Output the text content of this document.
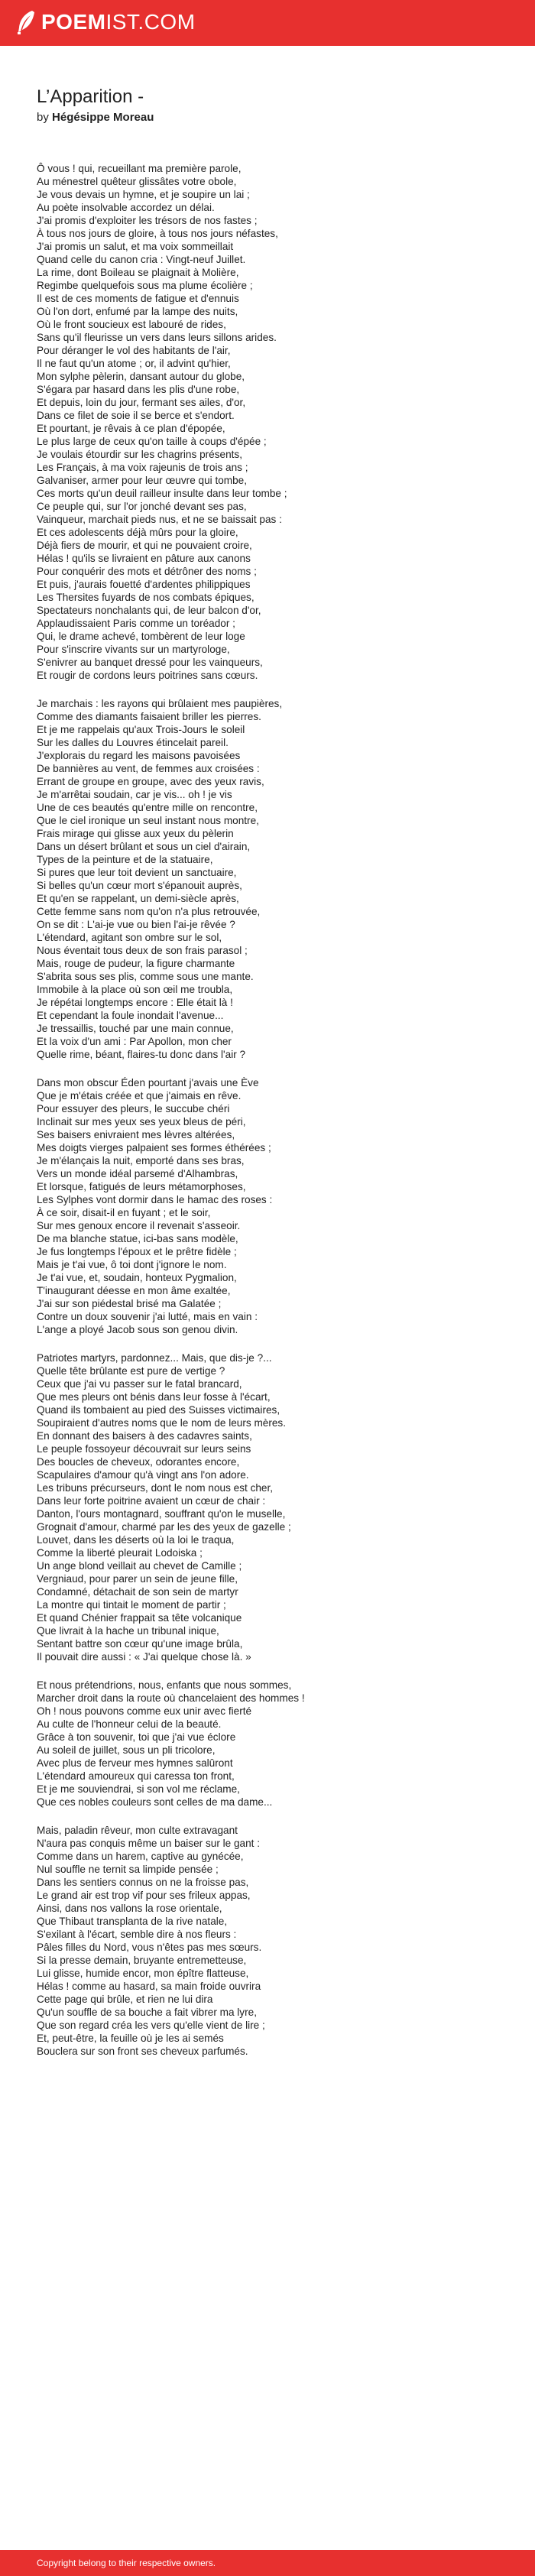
POEMIST.COM
L’Apparition -
by Hégésippe Moreau
Ô vous ! qui, recueillant ma première parole,
Au ménestrel quêteur glissâtes votre obole,
Je vous devais un hymne, et je soupire un lai ;
Au poète insolvable accordez un délai.
J'ai promis d'exploiter les trésors de nos fastes ;
À tous nos jours de gloire, à tous nos jours néfastes,
J'ai promis un salut, et ma voix sommeillait
Quand celle du canon cria : Vingt-neuf Juillet.
La rime, dont Boileau se plaignait à Molière,
Regimbe quelquefois sous ma plume écolière ;
Il est de ces moments de fatigue et d'ennuis
Où l'on dort, enfumé par la lampe des nuits,
Où le front soucieux est labouré de rides,
Sans qu'il fleurisse un vers dans leurs sillons arides.
Pour déranger le vol des habitants de l'air,
Il ne faut qu'un atome ; or, il advint qu'hier,
Mon sylphe pèlerin, dansant autour du globe,
S'égara par hasard dans les plis d'une robe,
Et depuis, loin du jour, fermant ses ailes, d'or,
Dans ce filet de soie il se berce et s'endort.
Et pourtant, je rêvais à ce plan d'épopée,
Le plus large de ceux qu'on taille à coups d'épée ;
Je voulais étourdir sur les chagrins présents,
Les Français, à ma voix rajeunis de trois ans ;
Galvaniser, armer pour leur œuvre qui tombe,
Ces morts qu'un deuil railleur insulte dans leur tombe ;
Ce peuple qui, sur l'or jonché devant ses pas,
Vainqueur, marchait pieds nus, et ne se baissait pas :
Et ces adolescents déjà mûrs pour la gloire,
Déjà fiers de mourir, et qui ne pouvaient croire,
Hélas ! qu'ils se livraient en pâture aux canons
Pour conquérir des mots et détrôner des noms ;
Et puis, j'aurais fouetté d'ardentes philippiques
Les Thersites fuyards de nos combats épiques,
Spectateurs nonchalants qui, de leur balcon d'or,
Applaudissaient Paris comme un toréador ;
Qui, le drame achevé, tombèrent de leur loge
Pour s'inscrire vivants sur un martyrologe,
S'enivrer au banquet dressé pour les vainqueurs,
Et rougir de cordons leurs poitrines sans cœurs.
Je marchais : les rayons qui brûlaient mes paupières,
Comme des diamants faisaient briller les pierres.
Et je me rappelais qu'aux Trois-Jours le soleil
Sur les dalles du Louvres étincelait pareil.
J'explorais du regard les maisons pavoisées
De bannières au vent, de femmes aux croisées :
Errant de groupe en groupe, avec des yeux ravis,
Je m'arrêtai soudain, car je vis... oh ! je vis
Une de ces beautés qu'entre mille on rencontre,
Que le ciel ironique un seul instant nous montre,
Frais mirage qui glisse aux yeux du pèlerin
Dans un désert brûlant et sous un ciel d'airain,
Types de la peinture et de la statuaire,
Si pures que leur toit devient un sanctuaire,
Si belles qu'un cœur mort s'épanouit auprès,
Et qu'en se rappelant, un demi-siècle après,
Cette femme sans nom qu'on n'a plus retrouvée,
On se dit : L'ai-je vue ou bien l'ai-je rêvée ?
L'étendard, agitant son ombre sur le sol,
Nous éventait tous deux de son frais parasol ;
Mais, rouge de pudeur, la figure charmante
S'abrita sous ses plis, comme sous une mante.
Immobile à la place où son œil me troubla,
Je répétai longtemps encore : Elle était là !
Et cependant la foule inondait l'avenue...
Je tressaillis, touché par une main connue,
Et la voix d'un ami : Par Apollon, mon cher
Quelle rime, béant, flaires-tu donc dans l'air ?
Dans mon obscur Éden pourtant j'avais une Ève
Que je m'étais créée et que j'aimais en rêve.
Pour essuyer des pleurs, le succube chéri
Inclinait sur mes yeux ses yeux bleus de péri,
Ses baisers enivraient mes lèvres altérées,
Mes doigts vierges palpaient ses formes éthérées ;
Je m'élançais la nuit, emporté dans ses bras,
Vers un monde idéal parsemé d'Alhambras,
Et lorsque, fatigués de leurs métamorphoses,
Les Sylphes vont dormir dans le hamac des roses :
À ce soir, disait-il en fuyant ; et le soir,
Sur mes genoux encore il revenait s'asseoir.
De ma blanche statue, ici-bas sans modèle,
Je fus longtemps l'époux et le prêtre fidèle ;
Mais je t'ai vue, ô toi dont j'ignore le nom.
Je t'ai vue, et, soudain, honteux Pygmalion,
T'inaugurant déesse en mon âme exaltée,
J'ai sur son piédestal brisé ma Galatée ;
Contre un doux souvenir j'ai lutté, mais en vain :
L'ange a ployé Jacob sous son genou divin.
Patriotes martyrs, pardonnez... Mais, que dis-je ?...
Quelle tête brûlante est pure de vertige ?
Ceux que j'ai vu passer sur le fatal brancard,
Que mes pleurs ont bénis dans leur fosse à l'écart,
Quand ils tombaient au pied des Suisses victimaires,
Soupiraient d'autres noms que le nom de leurs mères.
En donnant des baisers à des cadavres saints,
Le peuple fossoyeur découvrait sur leurs seins
Des boucles de cheveux, odorantes encore,
Scapulaires d'amour qu'à vingt ans l'on adore.
Les tribuns précurseurs, dont le nom nous est cher,
Dans leur forte poitrine avaient un cœur de chair :
Danton, l'ours montagnard, souffrant qu'on le muselle,
Grognait d'amour, charmé par les des yeux de gazelle ;
Louvet, dans les déserts où la loi le traqua,
Comme la liberté pleurait Lodoiska ;
Un ange blond veillait au chevet de Camille ;
Vergniaud, pour parer un sein de jeune fille,
Condamné, détachait de son sein de martyr
La montre qui tintait le moment de partir ;
Et quand Chénier frappait sa tête volcanique
Que livrait à la hache un tribunal inique,
Sentant battre son cœur qu'une image brûla,
Il pouvait dire aussi : « J'ai quelque chose là. »
Et nous prétendrions, nous, enfants que nous sommes,
Marcher droit dans la route où chancelaient des hommes !
Oh ! nous pouvons comme eux unir avec fierté
Au culte de l'honneur celui de la beauté.
Grâce à ton souvenir, toi que j'ai vue éclore
Au soleil de juillet, sous un pli tricolore,
Avec plus de ferveur mes hymnes salûront
L'étendard amoureux qui caressa ton front,
Et je me souviendrai, si son vol me réclame,
Que ces nobles couleurs sont celles de ma dame...
Mais, paladin rêveur, mon culte extravagant
N'aura pas conquis même un baiser sur le gant :
Comme dans un harem, captive au gynécée,
Nul souffle ne ternit sa limpide pensée ;
Dans les sentiers connus on ne la froisse pas,
Le grand air est trop vif pour ses frileux appas,
Ainsi, dans nos vallons la rose orientale,
Que Thibaut transplanta de la rive natale,
S'exilant à l'écart, semble dire à nos fleurs :
Pâles filles du Nord, vous n'êtes pas mes sœurs.
Si la presse demain, bruyante entremetteuse,
Lui glisse, humide encor, mon épître flatteuse,
Hélas ! comme au hasard, sa main froide ouvrira
Cette page qui brûle, et rien ne lui dira
Qu'un souffle de sa bouche a fait vibrer ma lyre,
Que son regard créa les vers qu'elle vient de lire ;
Et, peut-être, la feuille où je les ai semés
Bouclera sur son front ses cheveux parfumés.
Copyright belong to their respective owners.
